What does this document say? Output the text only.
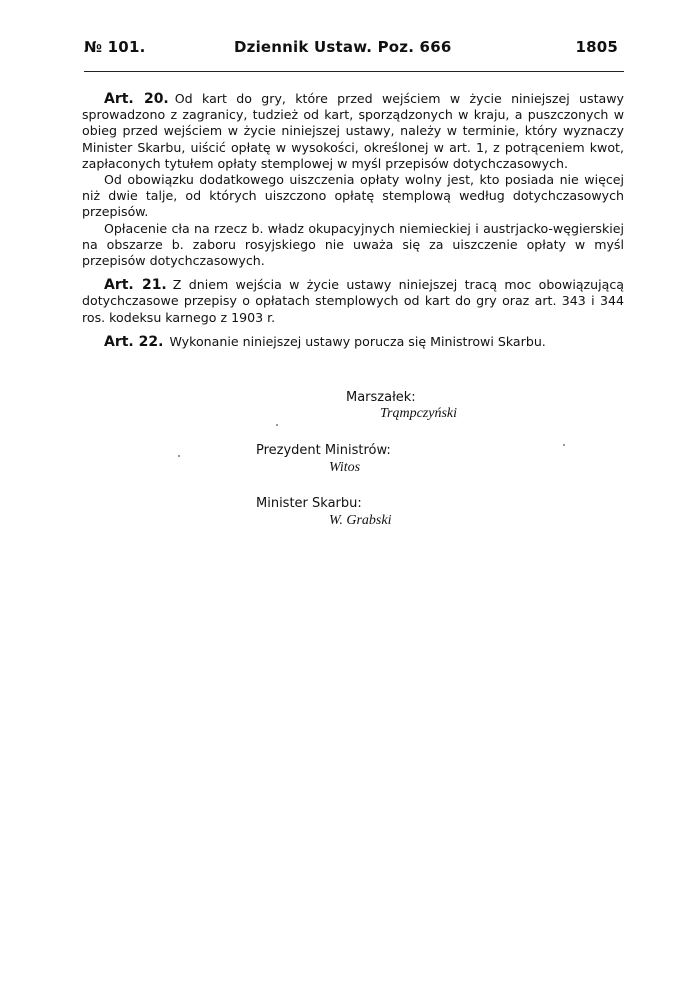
№ 101.	Dziennik Ustaw. Poz. 666	1805

Art. 20. Od kart do gry, które przed wejściem w życie niniejszej ustawy sprowadzono z zagranicy, tudzież od kart, sporządzonych w kraju, a puszczonych w obieg przed wejściem w życie niniejszej ustawy, należy w terminie, który wyznaczy Minister Skarbu, uiścić opłatę w wysokości, określonej w art. 1, z potrąceniem kwot, zapłaconych tytułem opłaty stemplowej w myśl przepisów dotychczasowych.

Od obowiązku dodatkowego uiszczenia opłaty wolny jest, kto posiada nie więcej niż dwie talje, od których uiszczono opłatę stemplową według dotychczasowych przepisów.

Opłacenie cła na rzecz b. władz okupacyjnych niemieckiej i austrjacko-węgierskiej na obszarze b. zaboru rosyjskiego nie uważa się za uiszczenie opłaty w myśl przepisów dotychczasowych.

Art. 21. Z dniem wejścia w życie ustawy niniejszej tracą moc obowiązującą dotychczasowe przepisy o opłatach stemplowych od kart do gry oraz art. 343 i 344 ros. kodeksu karnego z 1903 r.

Art. 22. Wykonanie niniejszej ustawy porucza się Ministrowi Skarbu.

Marszałek:
Trąmpczyński
Prezydent Ministrów:
Witos
Minister Skarbu:
W. Grabski
